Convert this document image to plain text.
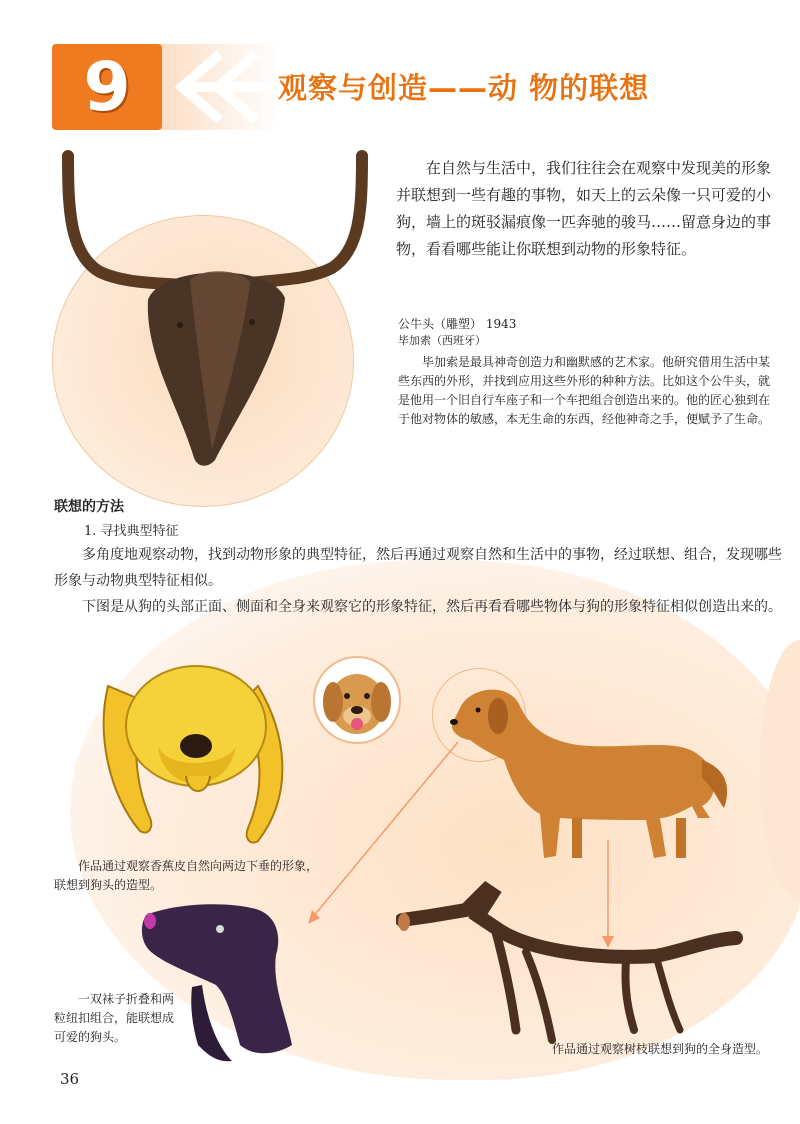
9	观察与创造——动 物的联想
在自然与生活中，我们往往会在观察中发现美的形象并联想到一些有趣的事物，如天上的云朵像一只可爱的小狗，墙上的斑驳漏痕像一匹奔驰的骏马……留意身边的事物，看看哪些能让你联想到动物的形象特征。
公牛头（雕塑） 1943
毕加索（西班牙）
毕加索是最具神奇创造力和幽默感的艺术家。他研究借用生活中某些东西的外形，并找到应用这些外形的种种方法。比如这个公牛头，就是他用一个旧自行车座子和一个车把组合创造出来的。他的匠心独到在于他对物体的敏感，本无生命的东西，经他神奇之手，便赋予了生命。
联想的方法
1. 寻找典型特征
多角度地观察动物，找到动物形象的典型特征，然后再通过观察自然和生活中的事物，经过联想、组合，发现哪些形象与动物典型特征相似。
下图是从狗的头部正面、侧面和全身来观察它的形象特征，然后再看看哪些物体与狗的形象特征相似创造出来的。
作品通过观察香蕉皮自然向两边下垂的形象，联想到狗头的造型。
一双袜子折叠和两粒纽扣组合，能联想成可爱的狗头。
作品通过观察树枝联想到狗的全身造型。
36
